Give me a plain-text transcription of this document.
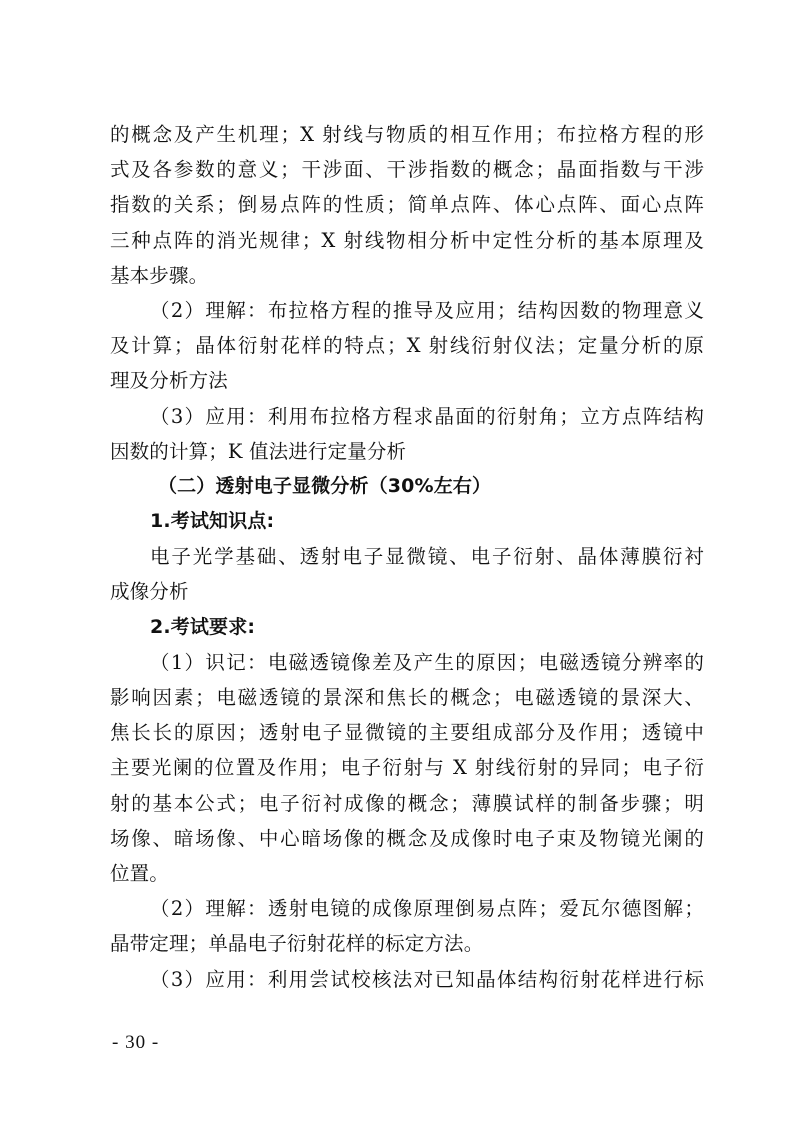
的概念及产生机理；X 射线与物质的相互作用；布拉格方程的形
式及各参数的意义；干涉面、干涉指数的概念；晶面指数与干涉
指数的关系；倒易点阵的性质；简单点阵、体心点阵、面心点阵
三种点阵的消光规律；X 射线物相分析中定性分析的基本原理及
基本步骤。
（2）理解：布拉格方程的推导及应用；结构因数的物理意义
及计算；晶体衍射花样的特点；X 射线衍射仪法；定量分析的原
理及分析方法
（3）应用：利用布拉格方程求晶面的衍射角；立方点阵结构
因数的计算；K 值法进行定量分析
（二）透射电子显微分析（30%左右）
1.考试知识点:
电子光学基础、透射电子显微镜、电子衍射、晶体薄膜衍衬
成像分析
2.考试要求:
（1）识记：电磁透镜像差及产生的原因；电磁透镜分辨率的
影响因素；电磁透镜的景深和焦长的概念；电磁透镜的景深大、
焦长长的原因；透射电子显微镜的主要组成部分及作用；透镜中
主要光阑的位置及作用；电子衍射与 X 射线衍射的异同；电子衍
射的基本公式；电子衍衬成像的概念；薄膜试样的制备步骤；明
场像、暗场像、中心暗场像的概念及成像时电子束及物镜光阑的
位置。
（2）理解：透射电镜的成像原理倒易点阵；爱瓦尔德图解；
晶带定理；单晶电子衍射花样的标定方法。
（3）应用：利用尝试校核法对已知晶体结构衍射花样进行标
- 30 -
